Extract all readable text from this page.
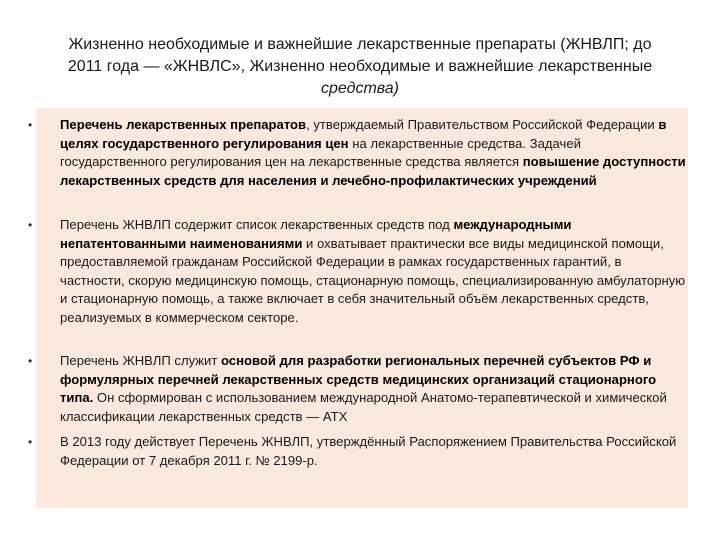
Жизненно необходимые и важнейшие лекарственные препараты (ЖНВЛП; до
2011 года — «ЖНВЛС», Жизненно необходимые и важнейшие лекарственные
средства)
• Перечень лекарственных препаратов, утверждаемый Правительством Российской Федерации в целях государственного регулирования цен на лекарственные средства. Задачей государственного регулирования цен на лекарственные средства является повышение доступности лекарственных средств для населения и лечебно-профилактических учреждений
• Перечень ЖНВЛП содержит список лекарственных средств под международными непатентованными наименованиями и охватывает практически все виды медицинской помощи, предоставляемой гражданам Российской Федерации в рамках государственных гарантий, в частности, скорую медицинскую помощь, стационарную помощь, специализированную амбулаторную и стационарную помощь, а также включает в себя значительный объём лекарственных средств, реализуемых в коммерческом секторе.
• Перечень ЖНВЛП служит основой для разработки региональных перечней субъектов РФ и формулярных перечней лекарственных средств медицинских организаций стационарного типа. Он сформирован с использованием международной Анатомо-терапевтической и химической классификации лекарственных средств — АТХ
• В 2013 году действует Перечень ЖНВЛП, утверждённый Распоряжением Правительства Российской Федерации от 7 декабря 2011 г. № 2199-р.
